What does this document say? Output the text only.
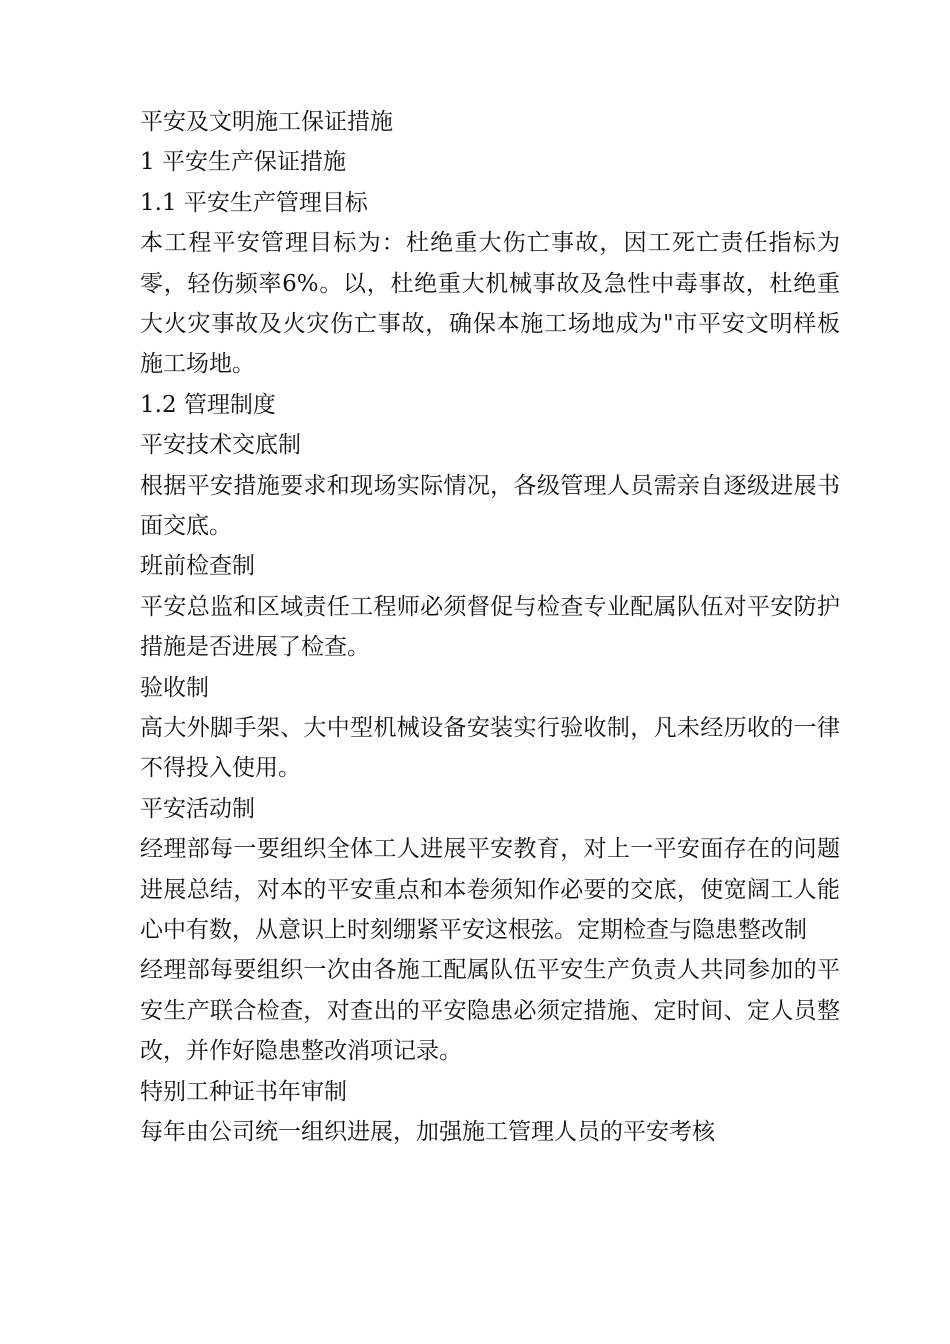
平安及文明施工保证措施
1 平安生产保证措施
1.1 平安生产管理目标
本工程平安管理目标为：杜绝重大伤亡事故，因工死亡责任指标为零，轻伤频率6%。以，杜绝重大机械事故及急性中毒事故，杜绝重大火灾事故及火灾伤亡事故，确保本施工场地成为"市平安文明样板施工场地。
1.2 管理制度
平安技术交底制
根据平安措施要求和现场实际情况，各级管理人员需亲自逐级进展书面交底。
班前检查制
平安总监和区域责任工程师必须督促与检查专业配属队伍对平安防护措施是否进展了检查。
验收制
高大外脚手架、大中型机械设备安装实行验收制，凡未经历收的一律不得投入使用。
平安活动制
经理部每一要组织全体工人进展平安教育，对上一平安面存在的问题进展总结，对本的平安重点和本卷须知作必要的交底，使宽阔工人能心中有数，从意识上时刻绷紧平安这根弦。定期检查与隐患整改制
经理部每要组织一次由各施工配属队伍平安生产负责人共同参加的平安生产联合检查，对查出的平安隐患必须定措施、定时间、定人员整改，并作好隐患整改消项记录。
特别工种证书年审制
每年由公司统一组织进展，加强施工管理人员的平安考核
